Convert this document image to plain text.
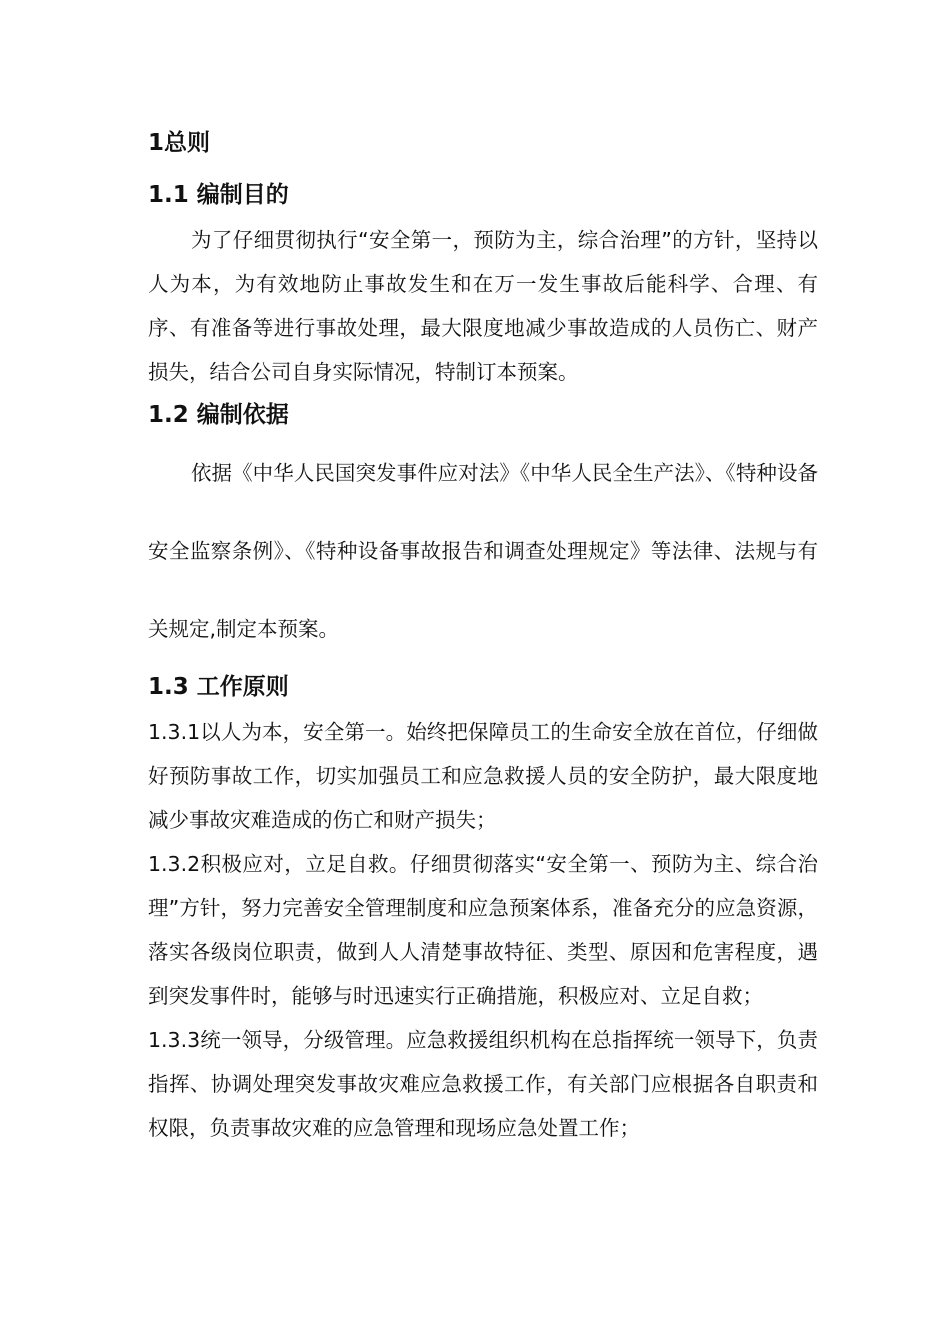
1总则
1.1 编制目的

为了仔细贯彻执行“安全第一，预防为主，综合治理”的方针，坚持以人为本，为有效地防止事故发生和在万一发生事故后能科学、合理、有序、有准备等进行事故处理，最大限度地减少事故造成的人员伤亡、财产损失，结合公司自身实际情况，特制订本预案。

1.2 编制依据

依据《中华人民国突发事件应对法》《中华人民全生产法》、《特种设备安全监察条例》、《特种设备事故报告和调查处理规定》等法律、法规与有关规定,制定本预案。

1.3 工作原则

1.3.1以人为本，安全第一。始终把保障员工的生命安全放在首位，仔细做好预防事故工作，切实加强员工和应急救援人员的安全防护，最大限度地减少事故灾难造成的伤亡和财产损失；

1.3.2积极应对，立足自救。仔细贯彻落实“安全第一、预防为主、综合治理”方针，努力完善安全管理制度和应急预案体系，准备充分的应急资源，落实各级岗位职责，做到人人清楚事故特征、类型、原因和危害程度，遇到突发事件时，能够与时迅速实行正确措施，积极应对、立足自救；

1.3.3统一领导，分级管理。应急救援组织机构在总指挥统一领导下，负责指挥、协调处理突发事故灾难应急救援工作，有关部门应根据各自职责和权限，负责事故灾难的应急管理和现场应急处置工作；
